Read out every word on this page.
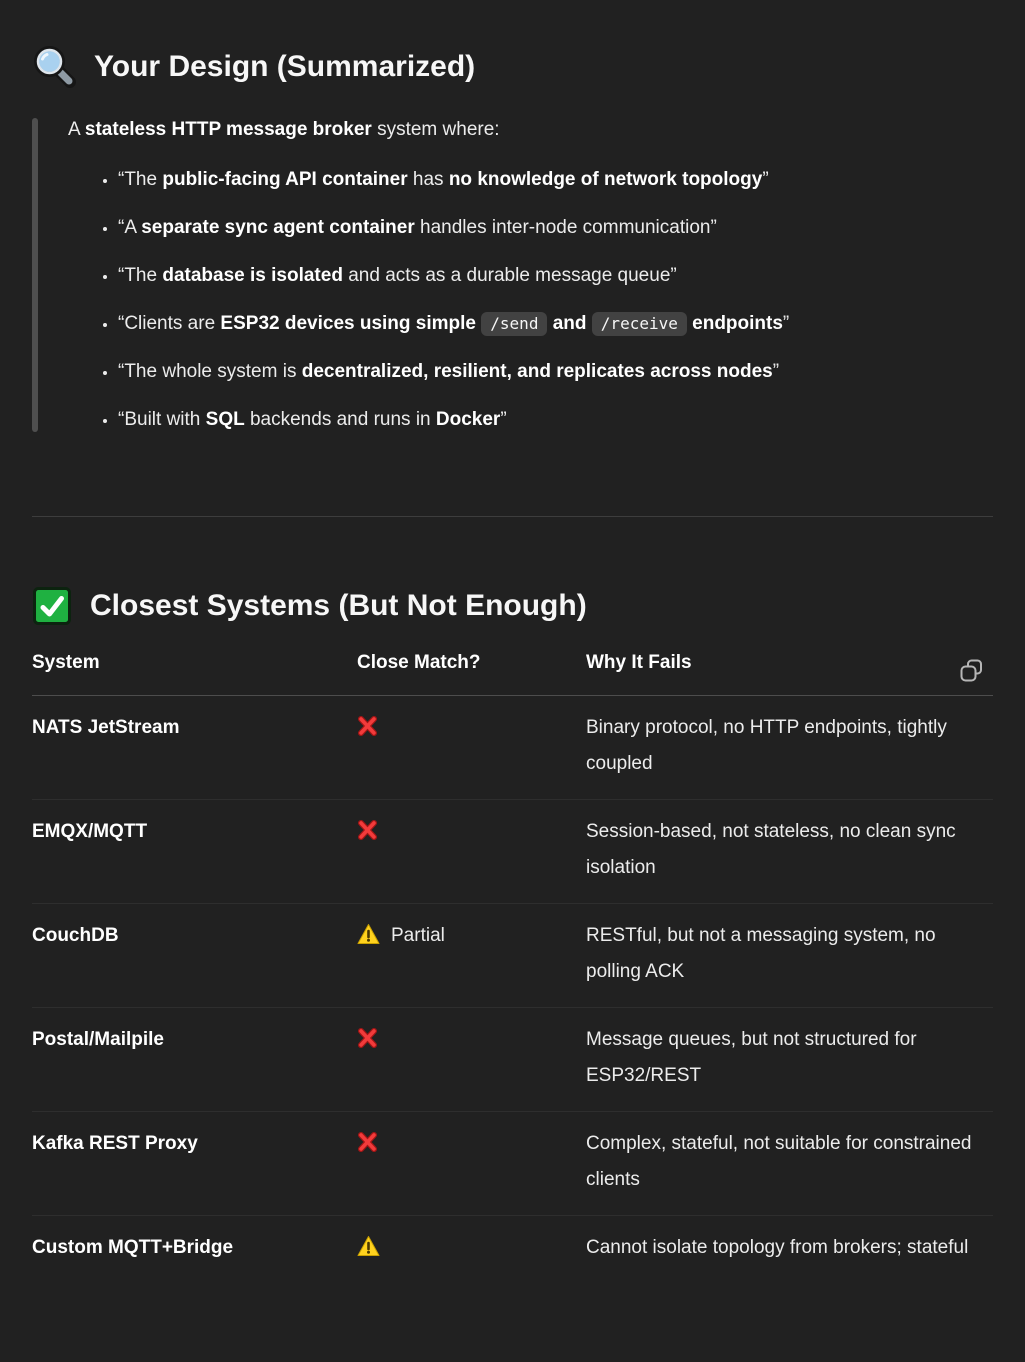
Your Design (Summarized)

A stateless HTTP message broker system where:

• “The public-facing API container has no knowledge of network topology”
• “A separate sync agent container handles inter-node communication”
• “The database is isolated and acts as a durable message queue”
• “Clients are ESP32 devices using simple /send and /receive endpoints”
• “The whole system is decentralized, resilient, and replicates across nodes”
• “Built with SQL backends and runs in Docker”
Closest Systems (But Not Enough)
System	Close Match?	Why It Fails
NATS JetStream		Binary protocol, no HTTP endpoints, tightly coupled
EMQX/MQTT		Session-based, not stateless, no clean sync isolation
CouchDB	Partial	RESTful, but not a messaging system, no polling ACK
Postal/Mailpile		Message queues, but not structured for ESP32/REST
Kafka REST Proxy		Complex, stateful, not suitable for constrained clients
Custom MQTT+Bridge		Cannot isolate topology from brokers; stateful
